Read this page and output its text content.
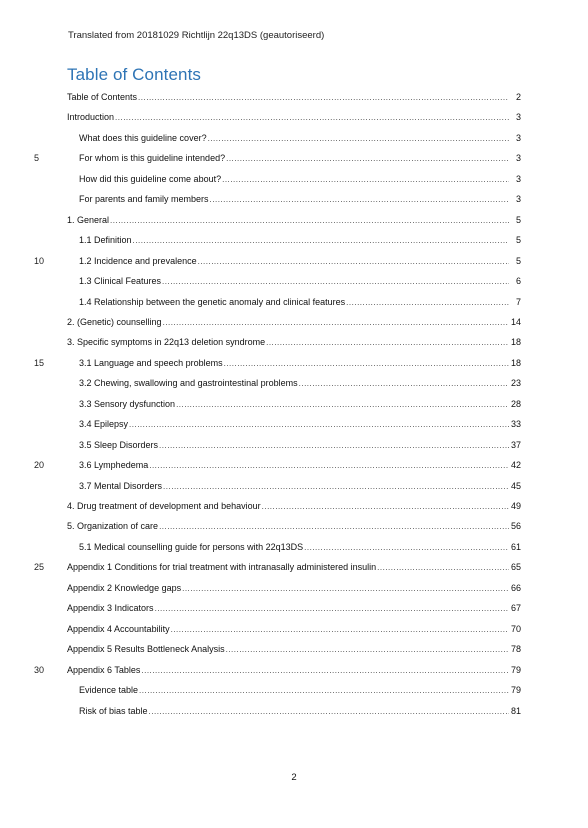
Translated from 20181029 Richtlijn 22q13DS (geautoriseerd)
Table of Contents
Table of Contents .....	2
Introduction .....	3
What does this guideline cover? .....	3
5	For whom is this guideline intended? .....	3
How did this guideline come about? .....	3
For parents and family members .....	3
1. General .....	5
1.1 Definition .....	5
10	1.2 Incidence and prevalence .....	5
1.3 Clinical Features .....	6
1.4 Relationship between the genetic anomaly and clinical features .....	7
2. (Genetic) counselling .....	14
3. Specific symptoms in 22q13 deletion syndrome .....	18
15	3.1 Language and speech problems .....	18
3.2 Chewing, swallowing and gastrointestinal problems .....	23
3.3 Sensory dysfunction .....	28
3.4 Epilepsy .....	33
3.5 Sleep Disorders .....	37
20	3.6 Lymphedema .....	42
3.7 Mental Disorders .....	45
4. Drug treatment of development and behaviour .....	49
5. Organization of care .....	56
5.1 Medical counselling guide for persons with 22q13DS .....	61
25	Appendix 1 Conditions for trial treatment with intranasally administered insulin .....	65
Appendix 2 Knowledge gaps .....	66
Appendix 3 Indicators .....	67
Appendix 4 Accountability .....	70
Appendix 5 Results Bottleneck Analysis .....	78
30	Appendix 6 Tables .....	79
Evidence table .....	79
Risk of bias table .....	81
2
